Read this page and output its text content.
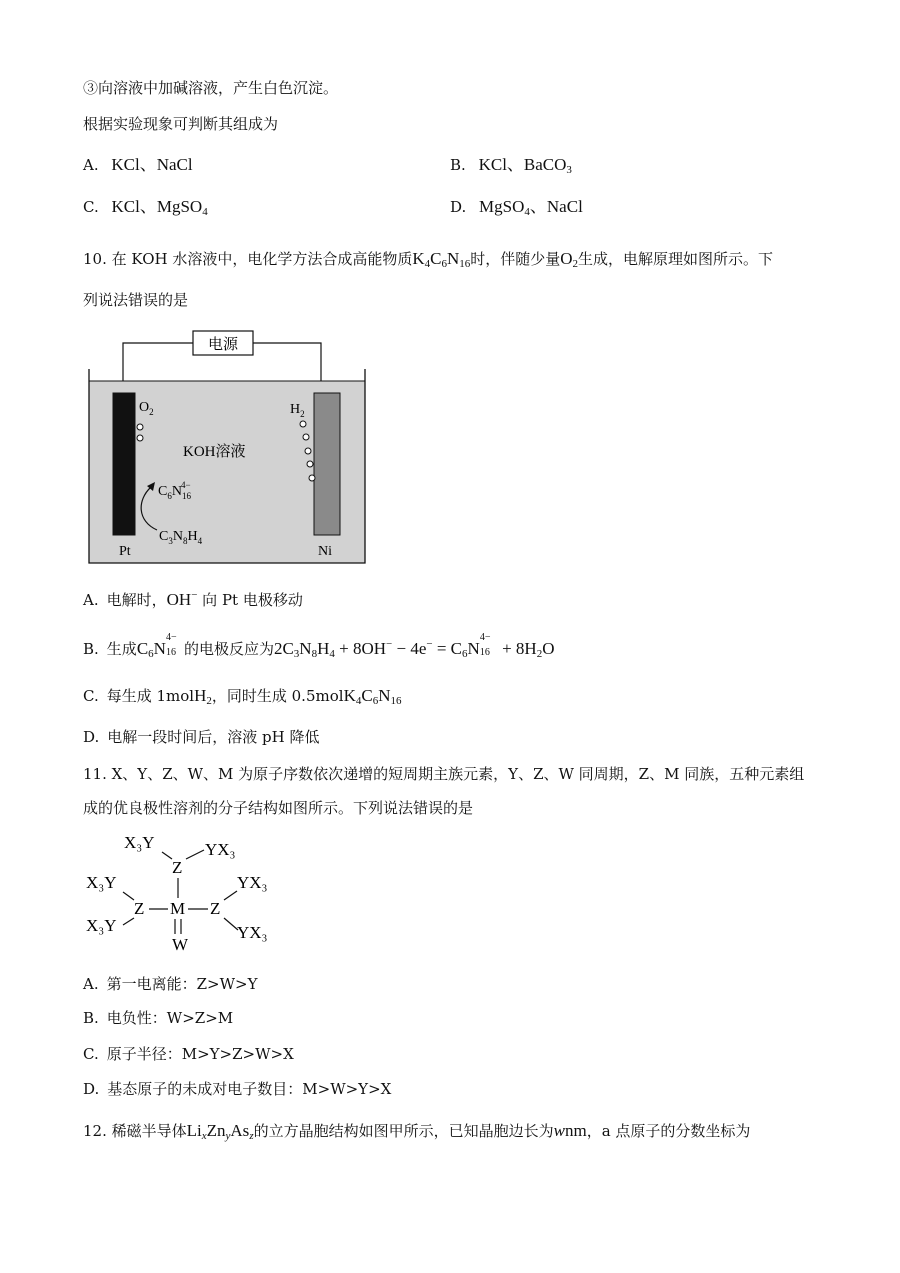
③向溶液中加碱溶液，产生白色沉淀。
根据实验现象可判断其组成为
A. KCl、NaCl	B. KCl、BaCO$_3$
C. KCl、MgSO$_4$	D. MgSO$_4$、NaCl
10. 在 KOH 水溶液中，电化学方法合成高能物质$K_4C_6N_{16}$时，伴随少量$O_2$生成，电解原理如图所示。下
列说法错误的是
电源
$O_2$	$H_2$
KOH溶液
$C_6N_{16}4-$
$C_3N_8H_4$
Pt	Ni
A. 电解时，OH− 向 Pt 电极移动
B. 生成$C_6N$
4−
16 的电极反应为$2C_3N_8H_4 + 8OH^- - 4e^- = C_6N$
4−
$16 + 8H_2O$
C. 每生成 1molH$_2$，同时生成 $0.5molK_4C_6N_{16}$
D. 电解一段时间后，溶液 pH 降低
11. X、Y、Z、W、M 为原子序数依次递增的短周期主族元素，Y、Z、W 同周期，Z、M 同族，五种元素组
成的优良极性溶剂的分子结构如图所示。下列说法错误的是
X₃Y	YX₃
Z
X₃Y	YX₃
Z M Z
X₃Y	YX₃
W
A. 第一电离能：Z>W>Y
B. 电负性：W>Z>M
C. 原子半径：M>Y>Z>W>X
D. 基态原子的未成对电子数目：M>W>Y>X
12. 稀磁半导体$Li_xZn_yAs_z$的立方晶胞结构如图甲所示，已知晶胞边长为wnm，a 点原子的分数坐标为
